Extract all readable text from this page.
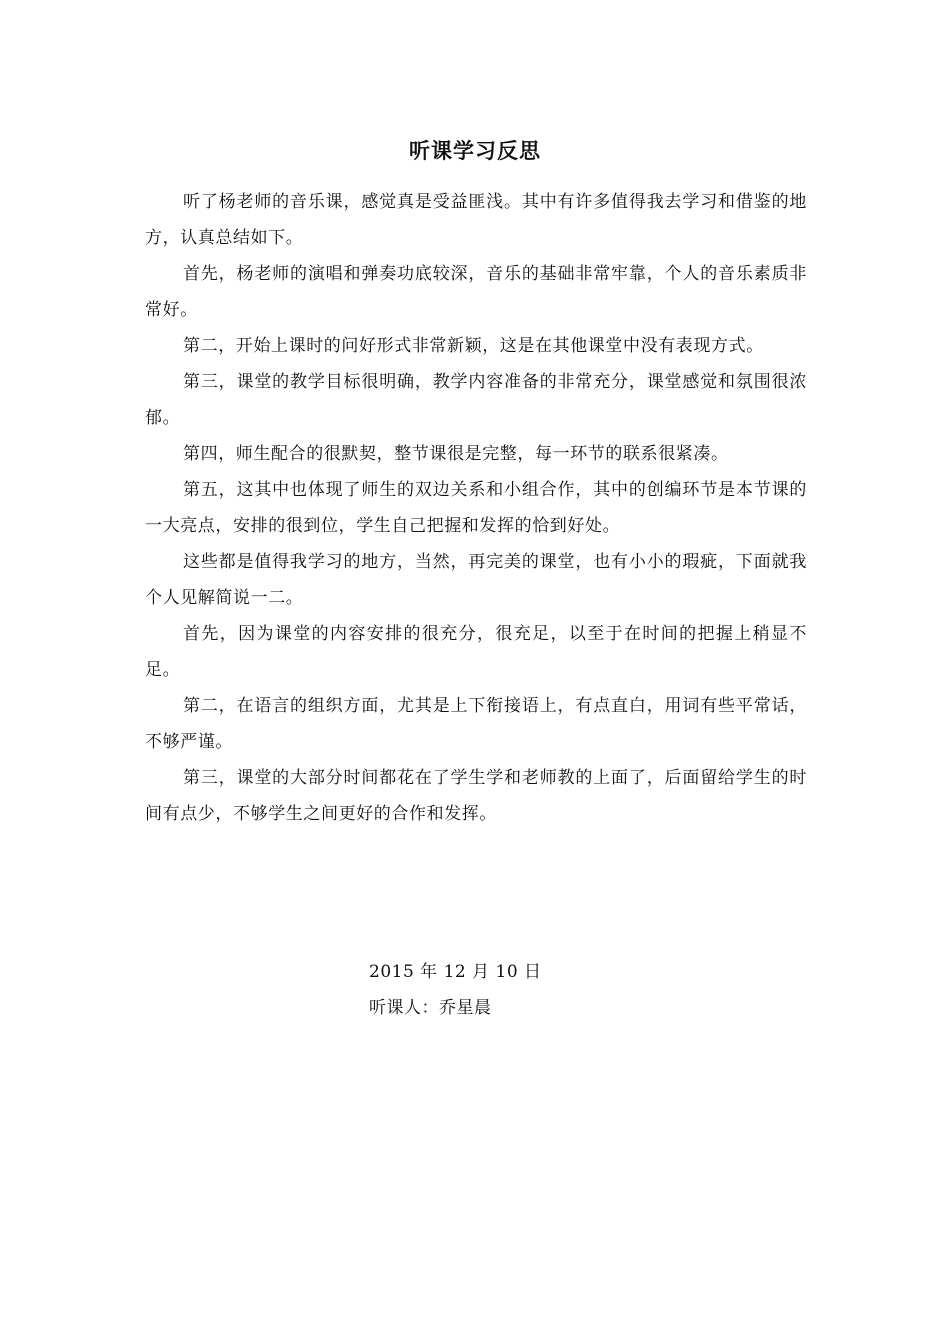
听课学习反思

听了杨老师的音乐课，感觉真是受益匪浅。其中有许多值得我去学习和借鉴的地方，认真总结如下。

首先，杨老师的演唱和弹奏功底较深，音乐的基础非常牢靠，个人的音乐素质非常好。

第二，开始上课时的问好形式非常新颖，这是在其他课堂中没有表现方式。

第三，课堂的教学目标很明确，教学内容准备的非常充分，课堂感觉和氛围很浓郁。

第四，师生配合的很默契，整节课很是完整，每一环节的联系很紧凑。

第五，这其中也体现了师生的双边关系和小组合作，其中的创编环节是本节课的一大亮点，安排的很到位，学生自己把握和发挥的恰到好处。

这些都是值得我学习的地方，当然，再完美的课堂，也有小小的瑕疵，下面就我个人见解简说一二。

首先，因为课堂的内容安排的很充分，很充足，以至于在时间的把握上稍显不足。

第二，在语言的组织方面，尤其是上下衔接语上，有点直白，用词有些平常话，不够严谨。

第三，课堂的大部分时间都花在了学生学和老师教的上面了，后面留给学生的时间有点少，不够学生之间更好的合作和发挥。

2015 年 12 月 10 日
听课人：乔星晨
